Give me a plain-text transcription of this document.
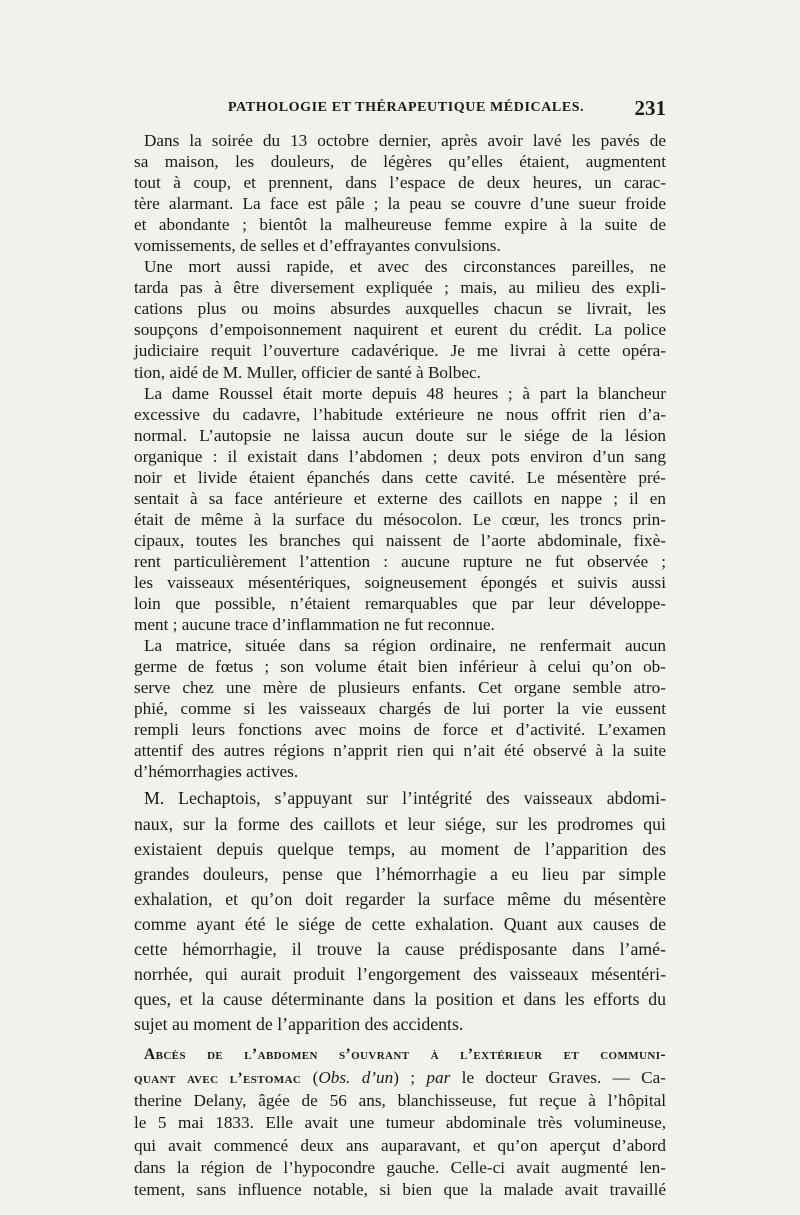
PATHOLOGIE ET THÉRAPEUTIQUE MÉDICALES. 231
Dans la soirée du 13 octobre dernier, après avoir lavé les pavés de
sa maison, les douleurs, de légères qu’elles étaient, augmentent
tout à coup, et prennent, dans l’espace de deux heures, un carac-
tère alarmant. La face est pâle ; la peau se couvre d’une sueur froide
et abondante ; bientôt la malheureuse femme expire à la suite de
vomissements, de selles et d’effrayantes convulsions.
Une mort aussi rapide, et avec des circonstances pareilles, ne
tarda pas à être diversement expliquée ; mais, au milieu des expli-
cations plus ou moins absurdes auxquelles chacun se livrait, les
soupçons d’empoisonnement naquirent et eurent du crédit. La police
judiciaire requit l’ouverture cadavérique. Je me livrai à cette opéra-
tion, aidé de M. Muller, officier de santé à Bolbec.
La dame Roussel était morte depuis 48 heures ; à part la blancheur
excessive du cadavre, l’habitude extérieure ne nous offrit rien d’a-
normal. L’autopsie ne laissa aucun doute sur le siége de la lésion
organique : il existait dans l’abdomen ; deux pots environ d’un sang
noir et livide étaient épanchés dans cette cavité. Le mésentère pré-
sentait à sa face antérieure et externe des caillots en nappe ; il en
était de même à la surface du mésocolon. Le cœur, les troncs prin-
cipaux, toutes les branches qui naissent de l’aorte abdominale, fixè-
rent particulièrement l’attention : aucune rupture ne fut observée ;
les vaisseaux mésentériques, soigneusement épongés et suivis aussi
loin que possible, n’étaient remarquables que par leur développe-
ment ; aucune trace d’inflammation ne fut reconnue.
La matrice, située dans sa région ordinaire, ne renfermait aucun
germe de fœtus ; son volume était bien inférieur à celui qu’on ob-
serve chez une mère de plusieurs enfants. Cet organe semble atro-
phié, comme si les vaisseaux chargés de lui porter la vie eussent
rempli leurs fonctions avec moins de force et d’activité. L’examen
attentif des autres régions n’apprit rien qui n’ait été observé à la suite
d’hémorrhagies actives.
M. Lechaptois, s’appuyant sur l’intégrité des vaisseaux abdomi-
naux, sur la forme des caillots et leur siége, sur les prodromes qui
existaient depuis quelque temps, au moment de l’apparition des
grandes douleurs, pense que l’hémorrhagie a eu lieu par simple
exhalation, et qu’on doit regarder la surface même du mésentère
comme ayant été le siége de cette exhalation. Quant aux causes de
cette hémorrhagie, il trouve la cause prédisposante dans l’amé-
norrhée, qui aurait produit l’engorgement des vaisseaux mésentéri-
ques, et la cause déterminante dans la position et dans les efforts du
sujet au moment de l’apparition des accidents.
Abcès de l’abdomen s’ouvrant à l’extérieur et communi-
quant avec l’estomac (Obs. d’un) ; par le docteur Graves. — Ca-
therine Delany, âgée de 56 ans, blanchisseuse, fut reçue à l’hôpital
le 5 mai 1833. Elle avait une tumeur abdominale très volumineuse,
qui avait commencé deux ans auparavant, et qu’on aperçut d’abord
dans la région de l’hypocondre gauche. Celle-ci avait augmenté len-
tement, sans influence notable, si bien que la malade avait travaillé
